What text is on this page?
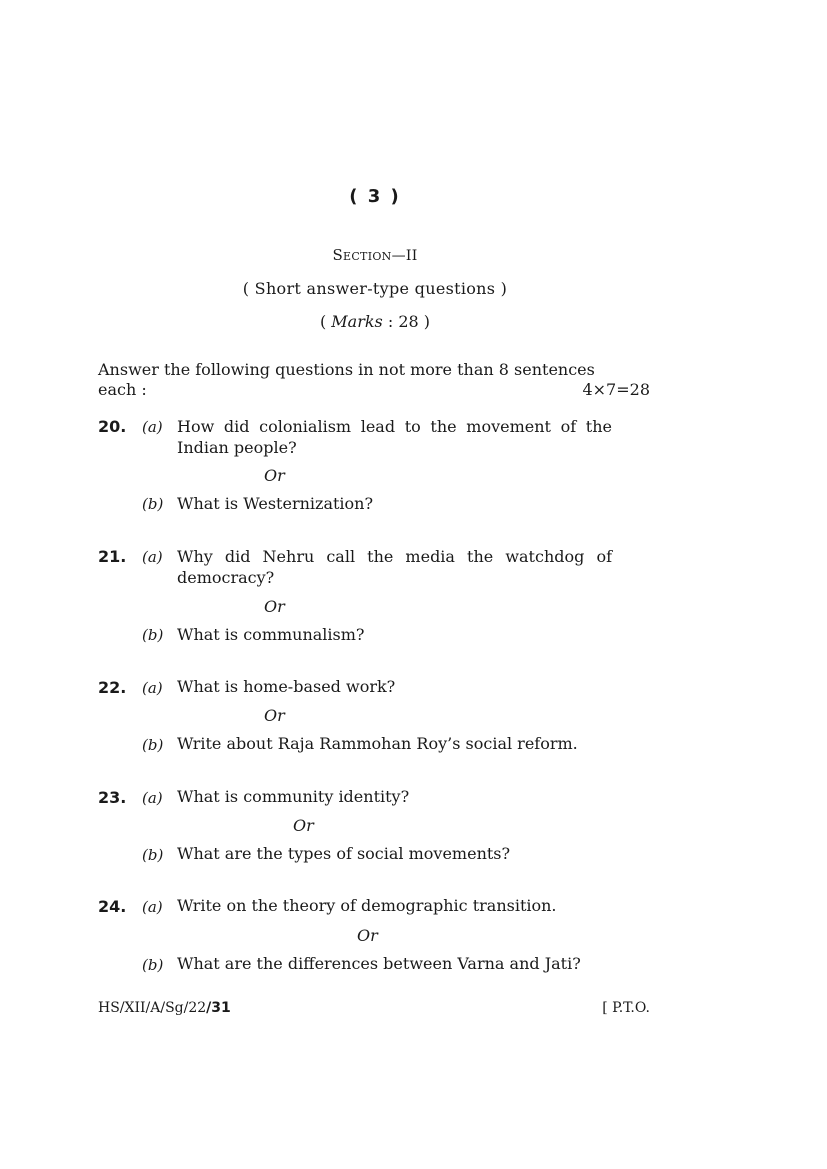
( 3 )
Section—II
( Short answer-type questions )
( Marks : 28 )
Answer the following questions in not more than 8 sentences
each :	4×7=28
20. (a) How did colonialism lead to the movement of the
Indian people?
Or
(b) What is Westernization?
21. (a) Why did Nehru call the media the watchdog of
democracy?
Or
(b) What is communalism?
22. (a) What is home-based work?
Or
(b) Write about Raja Rammohan Roy’s social reform.
23. (a) What is community identity?
Or
(b) What are the types of social movements?
24. (a) Write on the theory of demographic transition.
Or
(b) What are the differences between Varna and Jati?
HS/XII/A/Sg/22/31	[ P.T.O.
